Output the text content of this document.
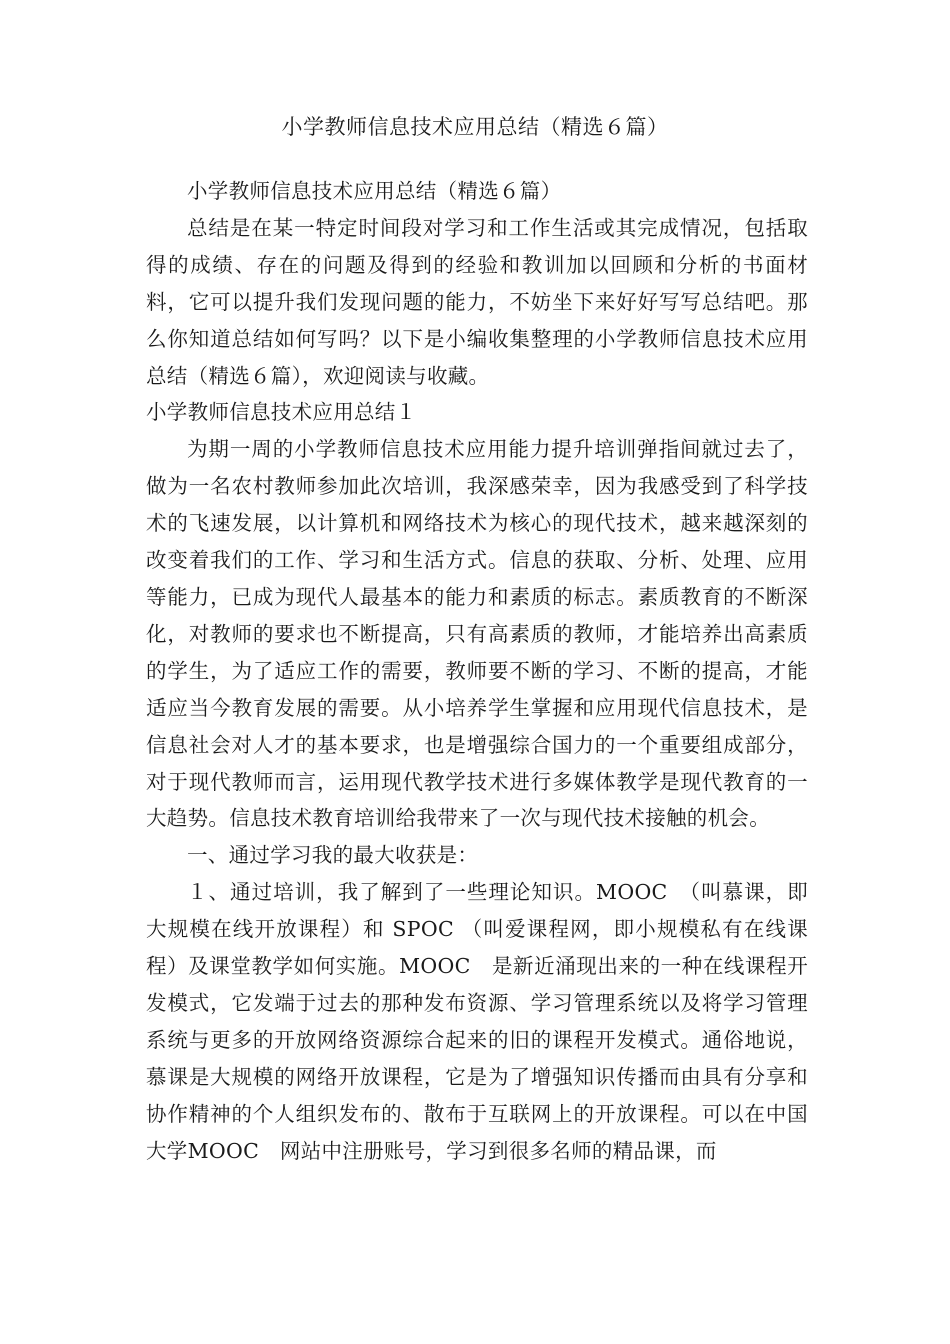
小学教师信息技术应用总结（精选６篇）

小学教师信息技术应用总结（精选６篇）

总结是在某一特定时间段对学习和工作生活或其完成情况，包括取得的成绩、存在的问题及得到的经验和教训加以回顾和分析的书面材料，它可以提升我们发现问题的能力，不妨坐下来好好写写总结吧。那么你知道总结如何写吗？以下是小编收集整理的小学教师信息技术应用总结（精选６篇），欢迎阅读与收藏。

小学教师信息技术应用总结１

为期一周的小学教师信息技术应用能力提升培训弹指间就过去了，做为一名农村教师参加此次培训，我深感荣幸，因为我感受到了科学技术的飞速发展，以计算机和网络技术为核心的现代技术，越来越深刻的改变着我们的工作、学习和生活方式。信息的获取、分析、处理、应用等能力，已成为现代人最基本的能力和素质的标志。素质教育的不断深化，对教师的要求也不断提高，只有高素质的教师，才能培养出高素质的学生，为了适应工作的需要，教师要不断的学习、不断的提高，才能适应当今教育发展的需要。从小培养学生掌握和应用现代信息技术，是信息社会对人才的基本要求，也是增强综合国力的一个重要组成部分，对于现代教师而言，运用现代教学技术进行多媒体教学是现代教育的一大趋势。信息技术教育培训给我带来了一次与现代技术接触的机会。

一、通过学习我的最大收获是：

１、通过培训，我了解到了一些理论知识。MOOC　（叫慕课，即大规模在线开放课程）和 SPOC （叫爱课程网，即小规模私有在线课程）及课堂教学如何实施。MOOC　是新近涌现出来的一种在线课程开发模式，它发端于过去的那种发布资源、学习管理系统以及将学习管理系统与更多的开放网络资源综合起来的旧的课程开发模式。通俗地说，慕课是大规模的网络开放课程，它是为了增强知识传播而由具有分享和协作精神的个人组织发布的、散布于互联网上的开放课程。可以在中国大学MOOC　网站中注册账号，学习到很多名师的精品课，而
